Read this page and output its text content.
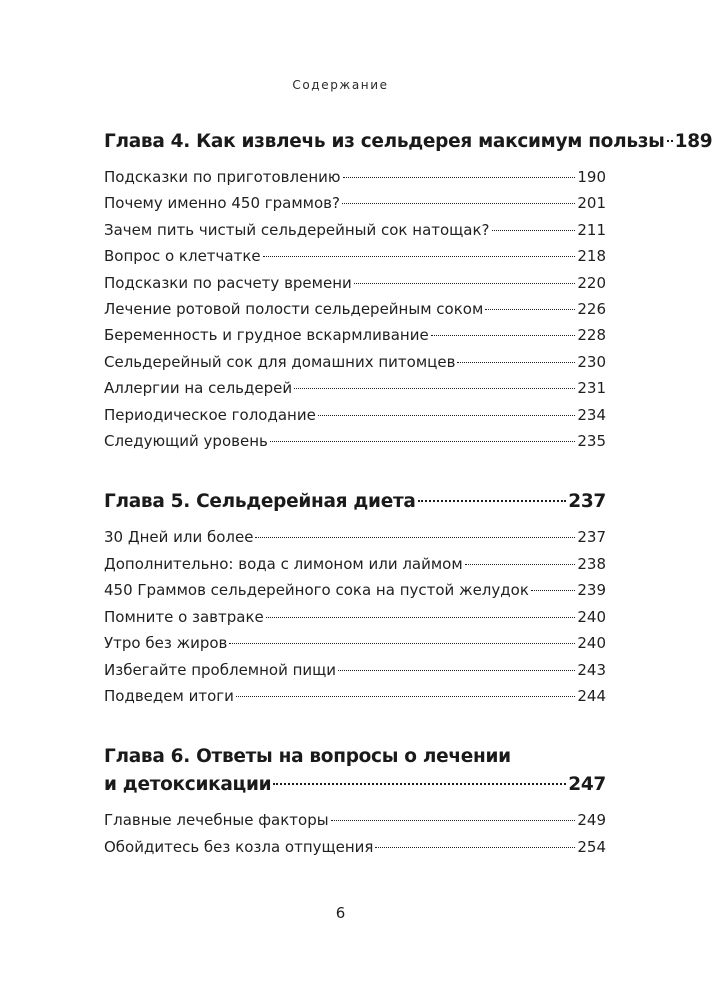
Содержание
Глава 4. Как извлечь из сельдерея максимум пользы 189
Подсказки по приготовлению	190
Почему именно 450 граммов?	201
Зачем пить чистый сельдерейный сок натощак?	211
Вопрос о клетчатке	218
Подсказки по расчету времени	220
Лечение ротовой полости сельдерейным соком	226
Беременность и грудное вскармливание	228
Сельдерейный сок для домашних питомцев	230
Аллергии на сельдерей	231
Периодическое голодание	234
Следующий уровень	235
Глава 5. Сельдерейная диета	237
30 Дней или более	237
Дополнительно: вода с лимоном или лаймом	238
450 Граммов сельдерейного сока на пустой желудок	239
Помните о завтраке	240
Утро без жиров	240
Избегайте проблемной пищи	243
Подведем итоги	244
Глава 6. Ответы на вопросы о лечении
и детоксикации	247
Главные лечебные факторы	249
Обойдитесь без козла отпущения	254
6
